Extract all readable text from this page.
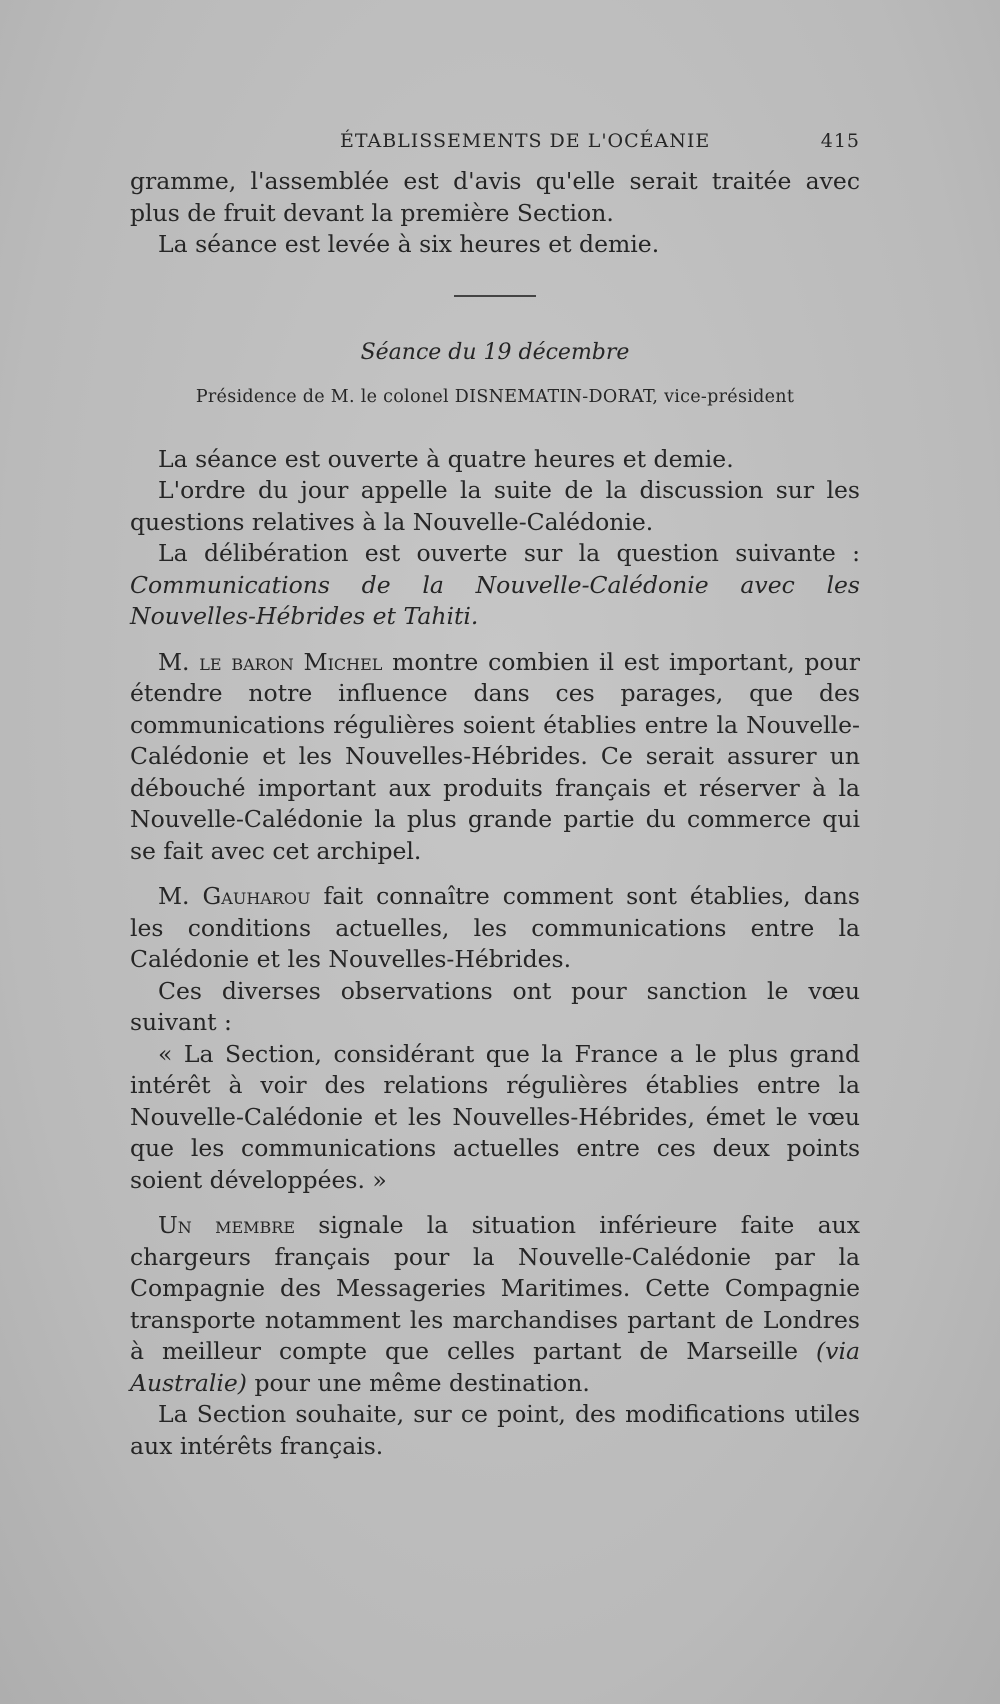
ÉTABLISSEMENTS DE L'OCÉANIE	415

gramme, l'assemblée est d'avis qu'elle serait traitée avec plus de fruit devant la première Section.

La séance est levée à six heures et demie.

Séance du 19 décembre
Présidence de M. le colonel DISNEMATIN-DORAT, vice-président

La séance est ouverte à quatre heures et demie.

L'ordre du jour appelle la suite de la discussion sur les questions relatives à la Nouvelle-Calédonie.

La délibération est ouverte sur la question suivante : Communications de la Nouvelle-Calédonie avec les Nouvelles-Hébrides et Tahiti.

M. le baron Michel montre combien il est important, pour étendre notre influence dans ces parages, que des communications régulières soient établies entre la Nouvelle-Calédonie et les Nouvelles-Hébrides. Ce serait assurer un débouché important aux produits français et réserver à la Nouvelle-Calédonie la plus grande partie du commerce qui se fait avec cet archipel.

M. Gauharou fait connaître comment sont établies, dans les conditions actuelles, les communications entre la Calédonie et les Nouvelles-Hébrides.

Ces diverses observations ont pour sanction le vœu suivant :

« La Section, considérant que la France a le plus grand intérêt à voir des relations régulières établies entre la Nouvelle-Calédonie et les Nouvelles-Hébrides, émet le vœu que les communications actuelles entre ces deux points soient développées. »

Un membre signale la situation inférieure faite aux chargeurs français pour la Nouvelle-Calédonie par la Compagnie des Messageries Maritimes. Cette Compagnie transporte notamment les marchandises partant de Londres à meilleur compte que celles partant de Marseille (via Australie) pour une même destination.

La Section souhaite, sur ce point, des modifications utiles aux intérêts français.
